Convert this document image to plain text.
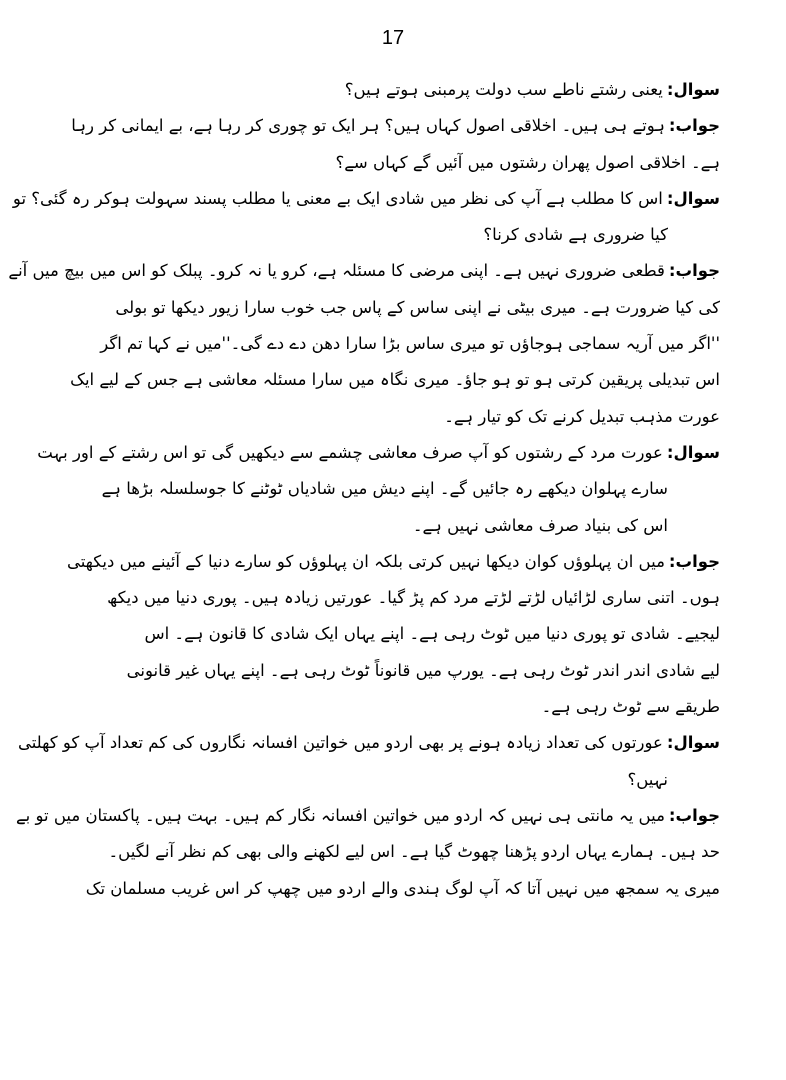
17
سوال:یعنی رشتے ناطے سب دولت پرمبنی ہوتے ہیں؟
جواب:ہوتے ہی ہیں۔ اخلاقی اصول کہاں ہیں؟ ہر ایک تو چوری کر رہا ہے، بے ایمانی کر رہا
ہے۔ اخلاقی اصول پھران رشتوں میں آئیں گے کہاں سے؟
سوال:اس کا مطلب ہے آپ کی نظر میں شادی ایک بے معنی یا مطلب پسند سہولت ہوکر رہ گئی؟ تو
کیا ضروری ہے شادی کرنا؟
جواب:قطعی ضروری نہیں ہے۔ اپنی مرضی کا مسئلہ ہے، کرو یا نہ کرو۔ پبلک کو اس میں بیچ میں آنے
کی کیا ضرورت ہے۔ میری بیٹی نے اپنی ساس کے پاس جب خوب سارا زیور دیکھا تو بولی
''اگر میں آریہ سماجی ہوجاؤں تو میری ساس بڑا سارا دھن دے دے گی۔''میں نے کہا تم اگر
اس تبدیلی پریقین کرتی ہو تو ہو جاؤ۔ میری نگاہ میں سارا مسئلہ معاشی ہے جس کے لیے ایک
عورت مذہب تبدیل کرنے تک کو تیار ہے۔
سوال:عورت مرد کے رشتوں کو آپ صرف معاشی چشمے سے دیکھیں گی تو اس رشتے کے اور بہت
سارے پہلوان دیکھے رہ جائیں گے۔ اپنے دیش میں شادیاں ٹوٹنے کا جوسلسلہ بڑھا ہے
اس کی بنیاد صرف معاشی نہیں ہے۔
جواب:میں ان پہلوؤں کوان دیکھا نہیں کرتی بلکہ ان پہلوؤں کو سارے دنیا کے آئینے میں دیکھتی
ہوں۔ اتنی ساری لڑائیاں لڑتے لڑتے مرد کم پڑ گیا۔ عورتیں زیادہ ہیں۔ پوری دنیا میں دیکھ
لیجیے۔ شادی تو پوری دنیا میں ٹوٹ رہی ہے۔ اپنے یہاں ایک شادی کا قانون ہے۔ اس
لیے شادی اندر اندر ٹوٹ رہی ہے۔ یورپ میں قانوناً ٹوٹ رہی ہے۔ اپنے یہاں غیر قانونی
طریقے سے ٹوٹ رہی ہے۔
سوال:عورتوں کی تعداد زیادہ ہونے پر بھی اردو میں خواتین افسانہ نگاروں کی کم تعداد آپ کو کھلتی
نہیں؟
جواب:میں یہ مانتی ہی نہیں کہ اردو میں خواتین افسانہ نگار کم ہیں۔ بہت ہیں۔ پاکستان میں تو بے
حد ہیں۔ ہمارے یہاں اردو پڑھنا چھوٹ گیا ہے۔ اس لیے لکھنے والی بھی کم نظر آنے لگیں۔
میری یہ سمجھ میں نہیں آتا کہ آپ لوگ ہندی والے اردو میں چھپ کر اس غریب مسلمان تک
